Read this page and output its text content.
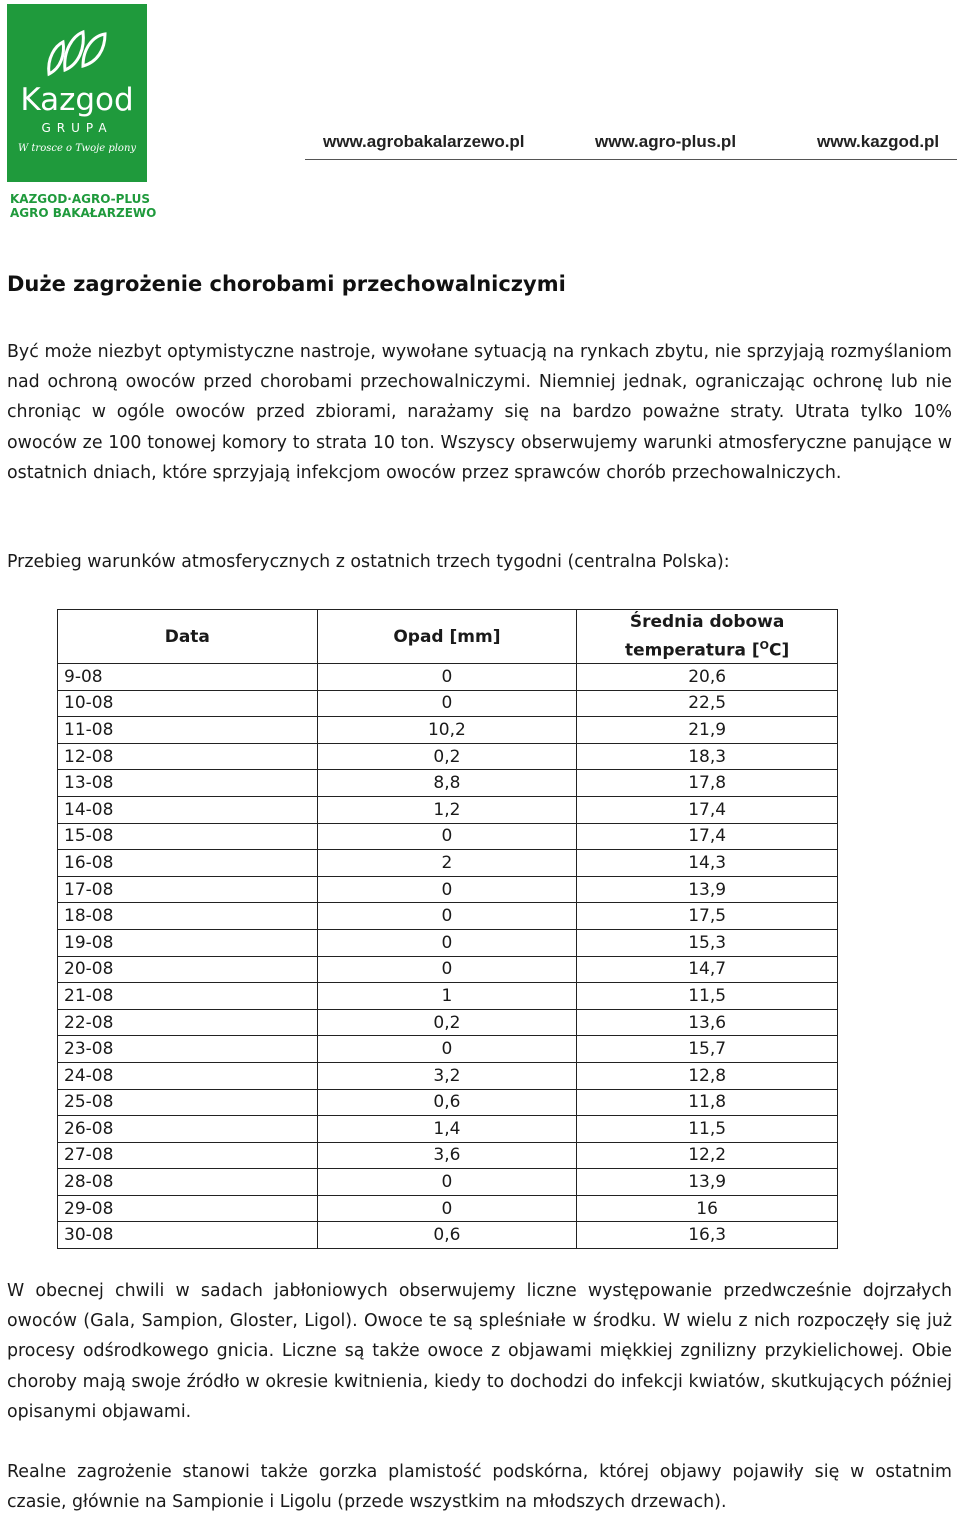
Kazgod
GRUPA
W trosce o Twoje plony
KAZGOD·AGRO-PLUS
AGRO BAKAŁARZEWO
www.agrobakalarzewo.pl	www.agro-plus.pl	www.kazgod.pl
Duże zagrożenie chorobami przechowalniczymi
Być może niezbyt optymistyczne nastroje, wywołane sytuacją na rynkach zbytu, nie sprzyjają rozmyślaniom nad ochroną owoców przed chorobami przechowalniczymi. Niemniej jednak, ograniczając ochronę lub nie chroniąc w ogóle owoców przed zbiorami, narażamy się na bardzo poważne straty. Utrata tylko 10% owoców ze 100 tonowej komory to strata 10 ton. Wszyscy obserwujemy warunki atmosferyczne panujące w ostatnich dniach, które sprzyjają infekcjom owoców przez sprawców chorób przechowalniczych.
Przebieg warunków atmosferycznych z ostatnich trzech tygodni (centralna Polska):
Data	Opad [mm]	Średnia dobowa
temperatura [$^O$C]
9-08	0	20,6
10-08	0	22,5
11-08	10,2	21,9
12-08	0,2	18,3
13-08	8,8	17,8
14-08	1,2	17,4
15-08	0	17,4
16-08	2	14,3
17-08	0	13,9
18-08	0	17,5
19-08	0	15,3
20-08	0	14,7
21-08	1	11,5
22-08	0,2	13,6
23-08	0	15,7
24-08	3,2	12,8
25-08	0,6	11,8
26-08	1,4	11,5
27-08	3,6	12,2
28-08	0	13,9
29-08	0	16
30-08	0,6	16,3
W obecnej chwili w sadach jabłoniowych obserwujemy liczne występowanie przedwcześnie dojrzałych owoców (Gala, Sampion, Gloster, Ligol). Owoce te są spleśniałe w środku. W wielu z nich rozpoczęły się już procesy odśrodkowego gnicia. Liczne są także owoce z objawami miękkiej zgnilizny przykielichowej. Obie choroby mają swoje źródło w okresie kwitnienia, kiedy to dochodzi do infekcji kwiatów, skutkujących później opisanymi objawami.
Realne zagrożenie stanowi także gorzka plamistość podskórna, której objawy pojawiły się w ostatnim czasie, głównie na Sampionie i Ligolu (przede wszystkim na młodszych drzewach).
